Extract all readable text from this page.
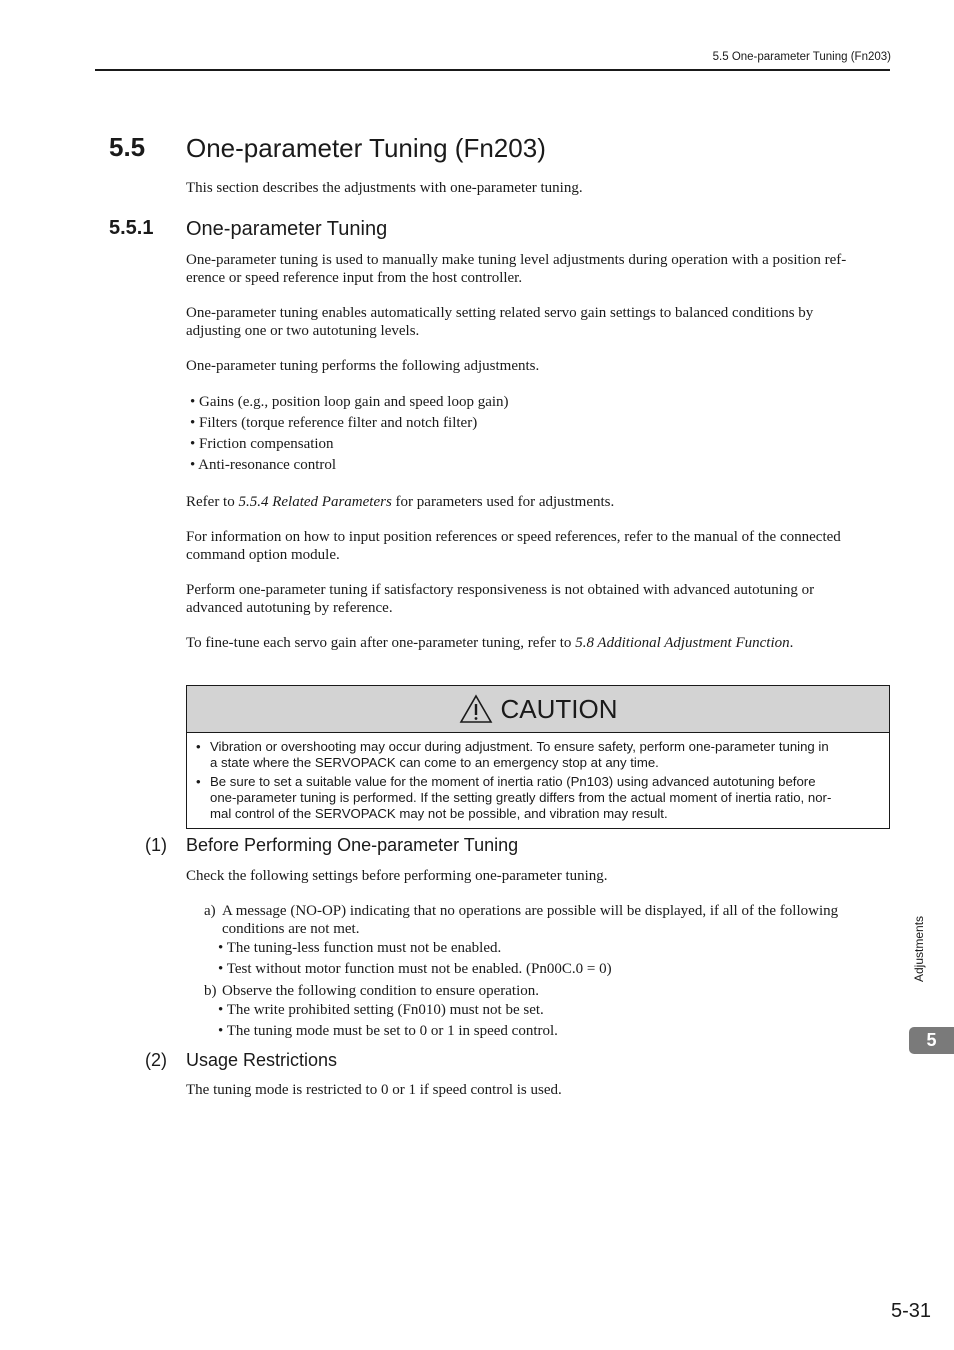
5.5 One-parameter Tuning (Fn203)
5.5 One-parameter Tuning (Fn203)
This section describes the adjustments with one-parameter tuning.
5.5.1 One-parameter Tuning
One-parameter tuning is used to manually make tuning level adjustments during operation with a position ref-
erence or speed reference input from the host controller.
One-parameter tuning enables automatically setting related servo gain settings to balanced conditions by
adjusting one or two autotuning levels.
One-parameter tuning performs the following adjustments.
• Gains (e.g., position loop gain and speed loop gain)
• Filters (torque reference filter and notch filter)
• Friction compensation
• Anti-resonance control
Refer to 5.5.4 Related Parameters for parameters used for adjustments.
For information on how to input position references or speed references, refer to the manual of the connected
command option module.
Perform one-parameter tuning if satisfactory responsiveness is not obtained with advanced autotuning or
advanced autotuning by reference.
To fine-tune each servo gain after one-parameter tuning, refer to 5.8 Additional Adjustment Function.
CAUTION
• Vibration or overshooting may occur during adjustment. To ensure safety, perform one-parameter tuning in
a state where the SERVOPACK can come to an emergency stop at any time.
• Be sure to set a suitable value for the moment of inertia ratio (Pn103) using advanced autotuning before
one-parameter tuning is performed. If the setting greatly differs from the actual moment of inertia ratio, nor-
mal control of the SERVOPACK may not be possible, and vibration may result.
(1) Before Performing One-parameter Tuning
Check the following settings before performing one-parameter tuning.
a) A message (NO-OP) indicating that no operations are possible will be displayed, if all of the following
conditions are not met.
• The tuning-less function must not be enabled.
• Test without motor function must not be enabled. (Pn00C.0 = 0)
b) Observe the following condition to ensure operation.
• The write prohibited setting (Fn010) must not be set.
• The tuning mode must be set to 0 or 1 in speed control.
(2) Usage Restrictions
The tuning mode is restricted to 0 or 1 if speed control is used.
Adjustments
5
5-31
